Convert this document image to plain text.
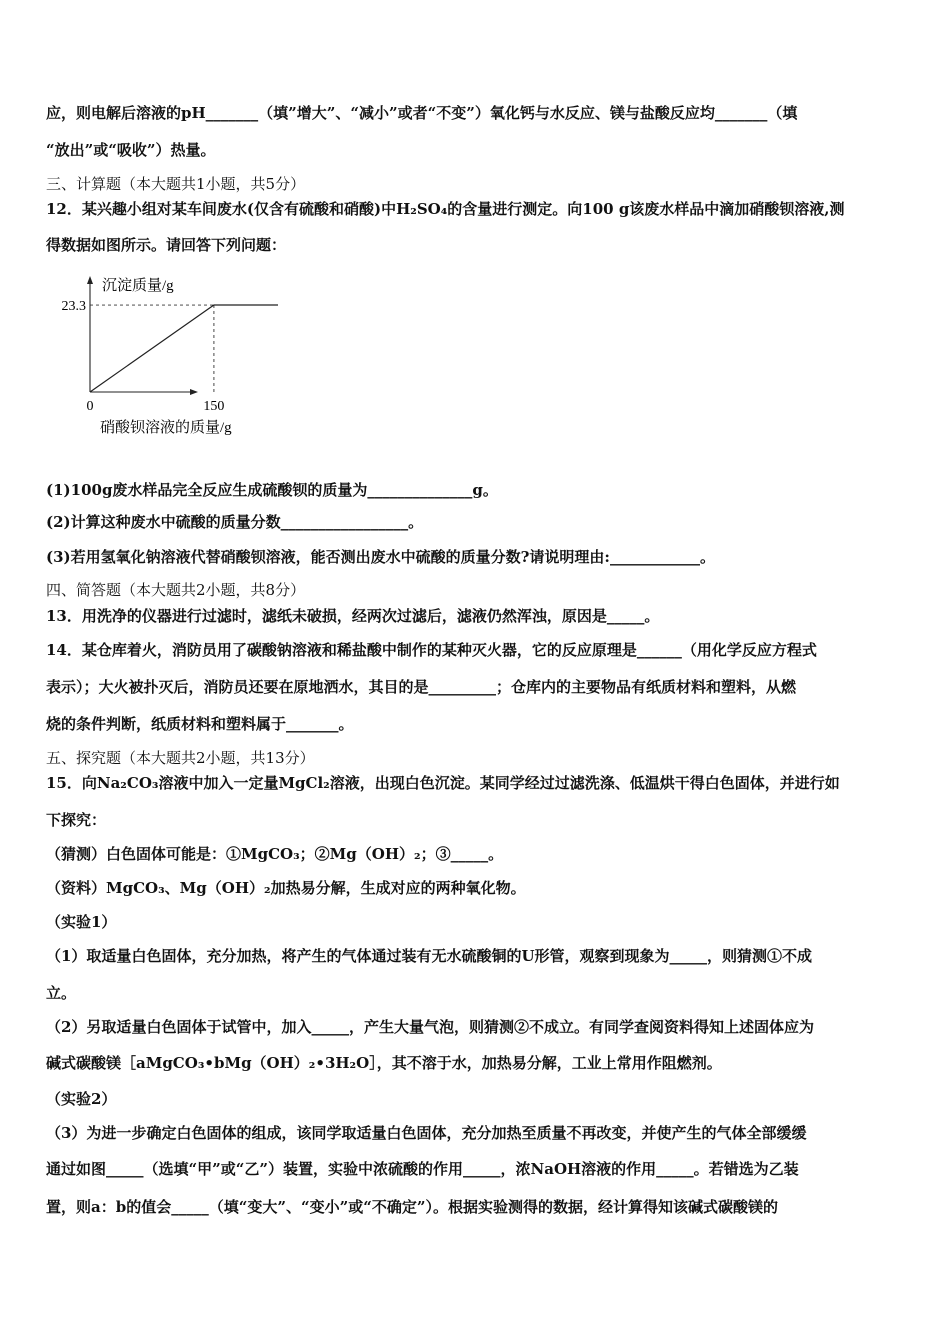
应，则电解后溶液的pH_______（填”增大”、“减小”或者“不变”）氧化钙与水反应、镁与盐酸反应均_______（填
“放出”或“吸收”）热量。
三、计算题（本大题共1小题，共5分）
12．某兴趣小组对某车间废水(仅含有硫酸和硝酸)中H₂SO₄的含量进行测定。向100 g该废水样品中滴加硝酸钡溶液,测
得数据如图所示。请回答下列问题：
23.3
0	150
沉淀质量/g
硝酸钡溶液的质量/g
(1)100g废水样品完全反应生成硫酸钡的质量为______________g。
(2)计算这种废水中硫酸的质量分数_________________。
(3)若用氢氧化钠溶液代替硝酸钡溶液，能否测出废水中硫酸的质量分数?请说明理由:____________。
四、简答题（本大题共2小题，共8分）
13．用洗净的仪器进行过滤时，滤纸未破损，经两次过滤后，滤液仍然浑浊，原因是_____。
14．某仓库着火，消防员用了碳酸钠溶液和稀盐酸中制作的某种灭火器，它的反应原理是______（用化学反应方程式
表示）；大火被扑灭后，消防员还要在原地洒水，其目的是_________；仓库内的主要物品有纸质材料和塑料，从燃
烧的条件判断，纸质材料和塑料属于_______。
五、探究题（本大题共2小题，共13分）
15．向Na₂CO₃溶液中加入一定量MgCl₂溶液，出现白色沉淀。某同学经过过滤洗涤、低温烘干得白色固体，并进行如
下探究：
（猜测）白色固体可能是：①MgCO₃；②Mg（OH）₂；③_____。
（资料）MgCO₃、Mg（OH）₂加热易分解，生成对应的两种氧化物。
（实验1）
（1）取适量白色固体，充分加热，将产生的气体通过装有无水硫酸铜的U形管，观察到现象为_____，则猜测①不成
立。
（2）另取适量白色固体于试管中，加入_____，产生大量气泡，则猜测②不成立。有同学查阅资料得知上述固体应为
碱式碳酸镁［aMgCO₃•bMg（OH）₂•3H₂O］，其不溶于水，加热易分解，工业上常用作阻燃剂。
（实验2）
（3）为进一步确定白色固体的组成，该同学取适量白色固体，充分加热至质量不再改变，并使产生的气体全部缓缓
通过如图_____（选填“甲”或“乙”）装置，实验中浓硫酸的作用_____，浓NaOH溶液的作用_____。若错选为乙装
置，则a：b的值会_____（填“变大”、“变小”或“不确定”）。根据实验测得的数据，经计算得知该碱式碳酸镁的
